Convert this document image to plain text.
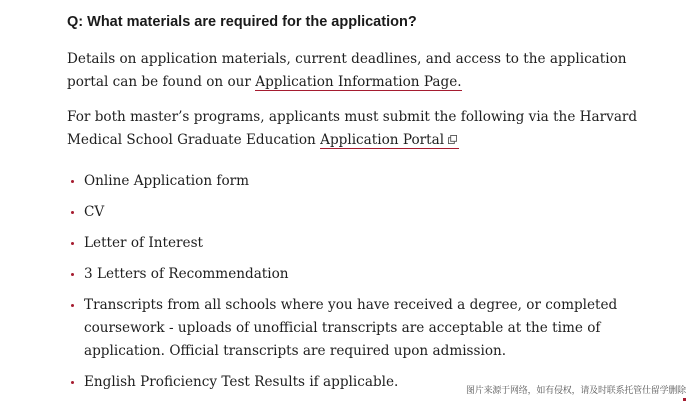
Q: What materials are required for the application?

Details on application materials, current deadlines, and access to the application portal can be found on our Application Information Page.

For both master’s programs, applicants must submit the following via the Harvard Medical School Graduate Education Application Portal

Online Application form
CV
Letter of Interest
3 Letters of Recommendation
Transcripts from all schools where you have received a degree, or completed coursework - uploads of unofficial transcripts are acceptable at the time of application. Official transcripts are required upon admission.
English Proficiency Test Results if applicable.
图片来源于网络，如有侵权，请及时联系托管仕留学删除
